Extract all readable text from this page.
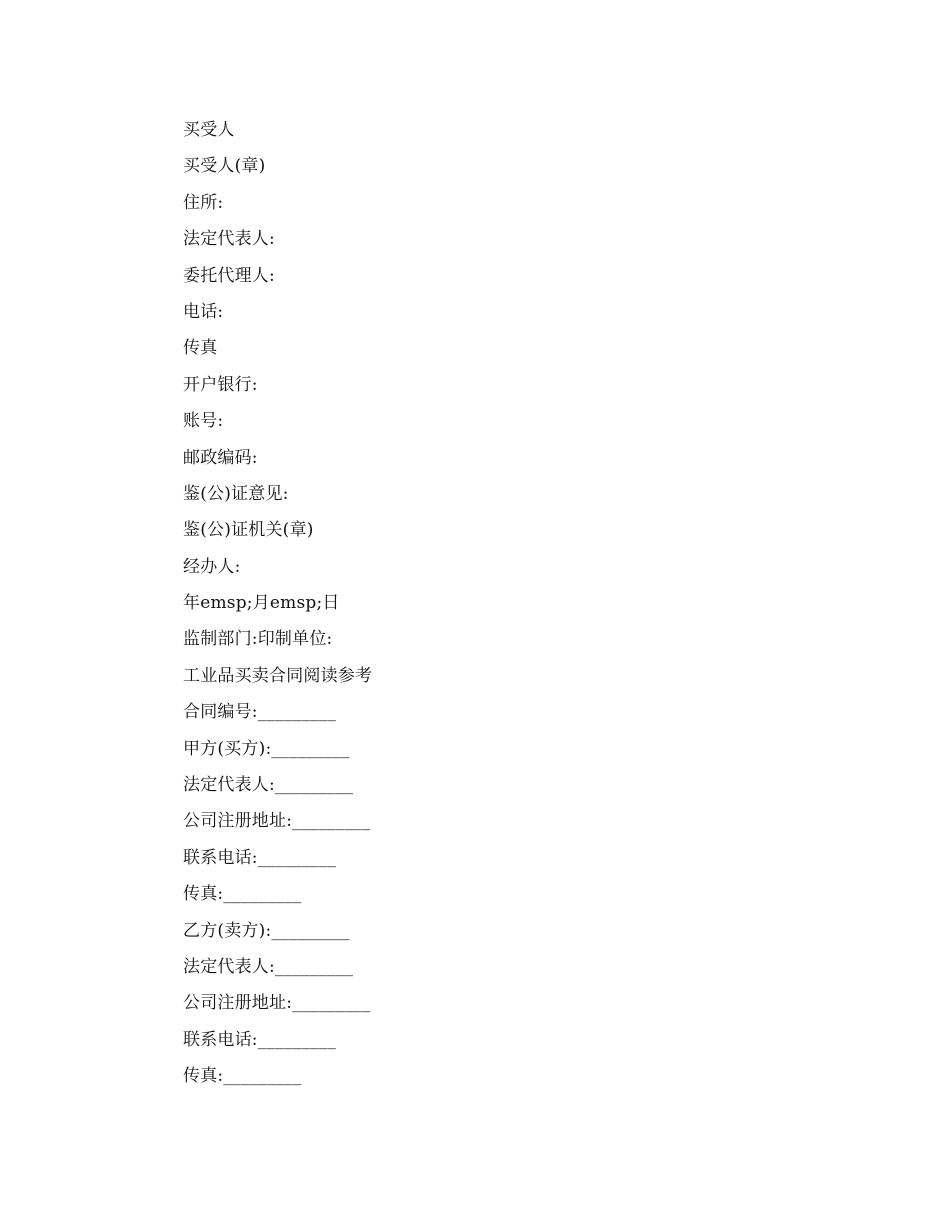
买受人
买受人(章)
住所:
法定代表人:
委托代理人:
电话:
传真
开户银行:
账号:
邮政编码:
鉴(公)证意见:
鉴(公)证机关(章)
经办人:
年emsp;月emsp;日
监制部门:印制单位:
工业品买卖合同阅读参考
合同编号:_________
甲方(买方):_________
法定代表人:_________
公司注册地址:_________
联系电话:_________
传真:_________
乙方(卖方):_________
法定代表人:_________
公司注册地址:_________
联系电话:_________
传真:_________
